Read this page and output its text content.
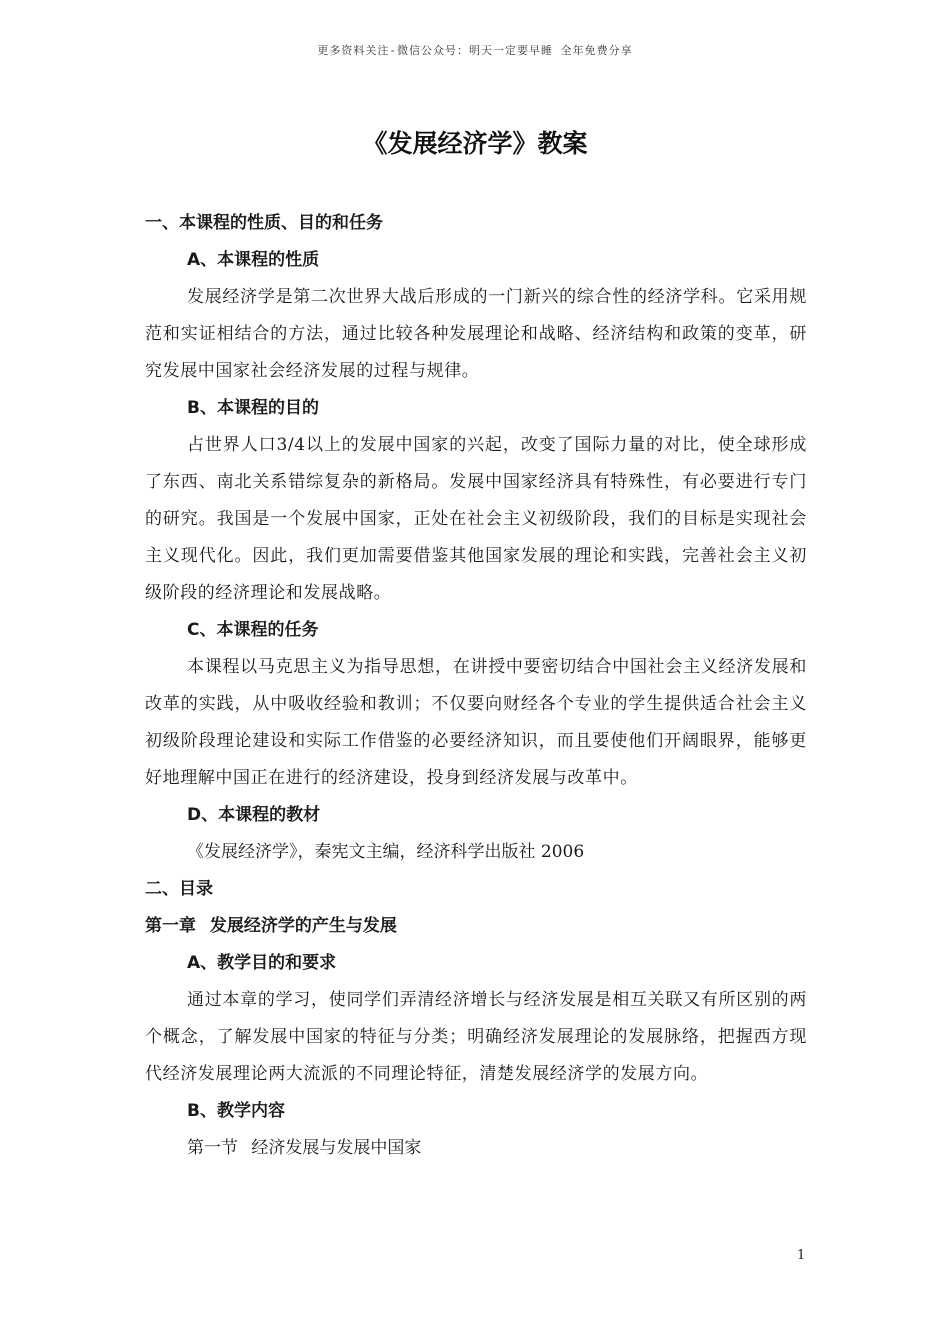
更多资料关注-微信公众号：明天一定要早睡 全年免费分享
《发展经济学》教案
一、本课程的性质、目的和任务
A、本课程的性质
发展经济学是第二次世界大战后形成的一门新兴的综合性的经济学科。它采用规范和实证相结合的方法，通过比较各种发展理论和战略、经济结构和政策的变革，研究发展中国家社会经济发展的过程与规律。
B、本课程的目的
占世界人口3/4以上的发展中国家的兴起，改变了国际力量的对比，使全球形成了东西、南北关系错综复杂的新格局。发展中国家经济具有特殊性，有必要进行专门的研究。我国是一个发展中国家，正处在社会主义初级阶段，我们的目标是实现社会主义现代化。因此，我们更加需要借鉴其他国家发展的理论和实践，完善社会主义初级阶段的经济理论和发展战略。
C、本课程的任务
本课程以马克思主义为指导思想，在讲授中要密切结合中国社会主义经济发展和改革的实践，从中吸收经验和教训；不仅要向财经各个专业的学生提供适合社会主义初级阶段理论建设和实际工作借鉴的必要经济知识，而且要使他们开阔眼界，能够更好地理解中国正在进行的经济建设，投身到经济发展与改革中。
D、本课程的教材
《发展经济学》，秦宪文主编，经济科学出版社 2006
二、目录
第一章 发展经济学的产生与发展
A、教学目的和要求
通过本章的学习，使同学们弄清经济增长与经济发展是相互关联又有所区别的两个概念，了解发展中国家的特征与分类；明确经济发展理论的发展脉络，把握西方现代经济发展理论两大流派的不同理论特征，清楚发展经济学的发展方向。
B、教学内容
第一节 经济发展与发展中国家
1
